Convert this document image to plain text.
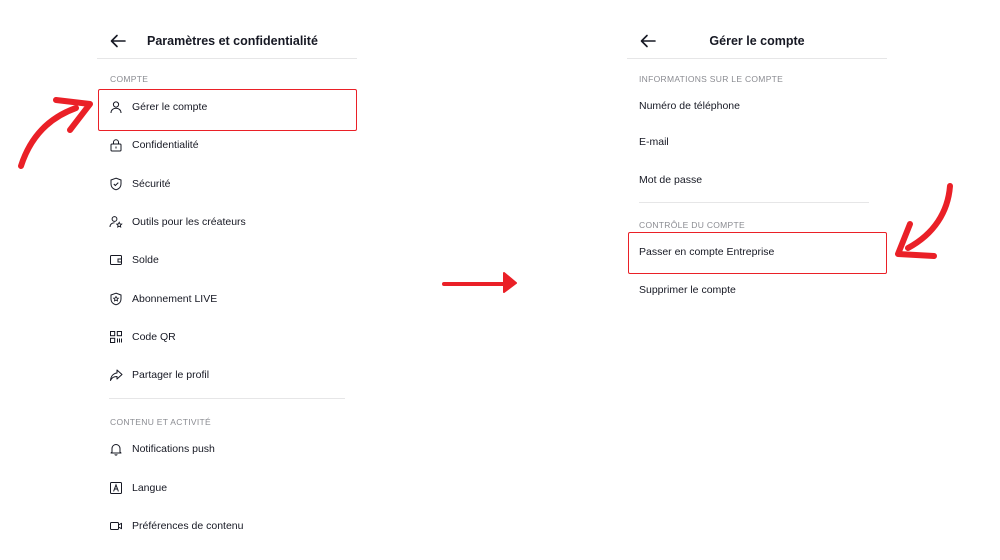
Paramètres et confidentialité
COMPTE
Gérer le compte
Confidentialité
Sécurité
Outils pour les créateurs
Solde
Abonnement LIVE
Code QR
Partager le profil
CONTENU ET ACTIVITÉ
Notifications push
Langue
Préférences de contenu
Gérer le compte
INFORMATIONS SUR LE COMPTE
Numéro de téléphone
E-mail
Mot de passe
CONTRÔLE DU COMPTE
Passer en compte Entreprise
Supprimer le compte
